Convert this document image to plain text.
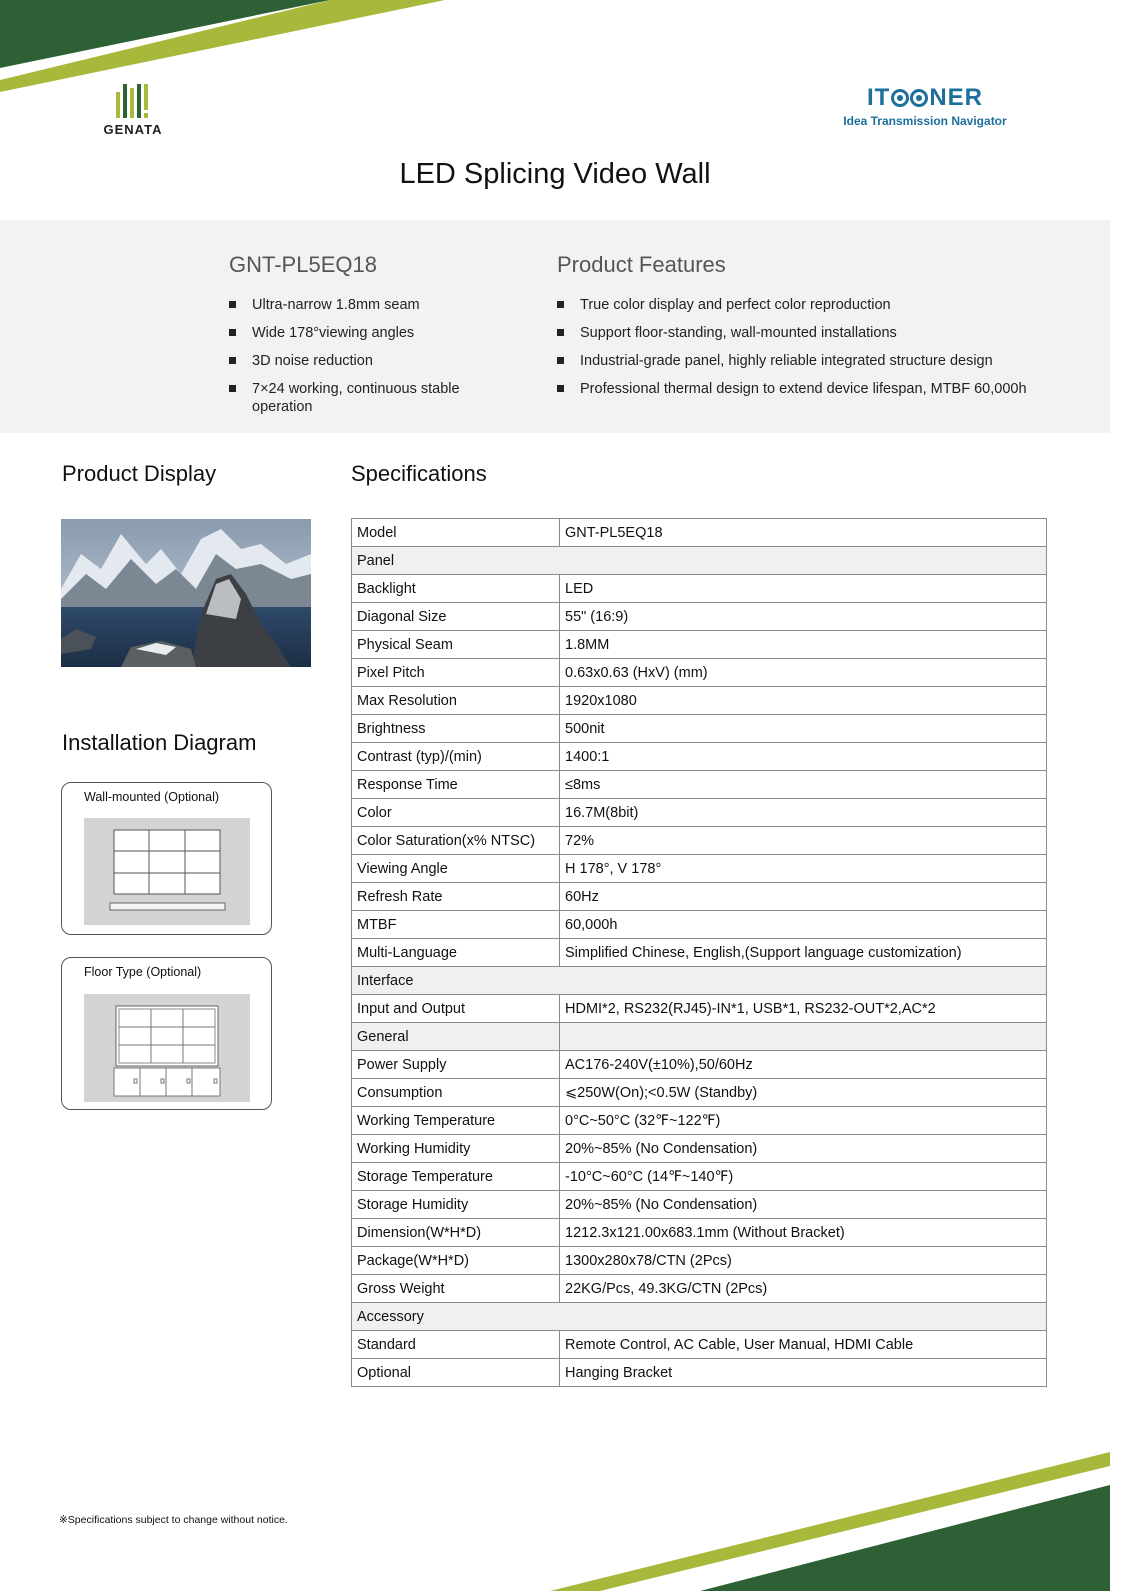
GENATA
IT NER
Idea Transmission Navigator
LED Splicing Video Wall
GNT-PL5EQ18
Ultra-narrow 1.8mm seam
Wide 178°viewing angles
3D noise reduction
7×24 working, continuous stable operation
Product Features
True color display and perfect color reproduction
Support floor-standing, wall-mounted installations
Industrial-grade panel, highly reliable integrated structure design
Professional thermal design to extend device lifespan, MTBF 60,000h
Product Display
Installation Diagram
Wall-mounted (Optional)
Floor Type (Optional)
Specifications
Model	GNT-PL5EQ18
Panel	
Backlight	LED
Diagonal Size	55" (16:9)
Physical Seam	1.8MM
Pixel Pitch	0.63x0.63 (HxV) (mm)
Max Resolution	1920x1080
Brightness	500nit
Contrast (typ)/(min)	1400:1
Response Time	≤8ms
Color	16.7M(8bit)
Color Saturation(x% NTSC)	72%
Viewing Angle	H 178°, V 178°
Refresh Rate	60Hz
MTBF	60,000h
Multi-Language	Simplified Chinese, English,(Support language customization)
Interface	
Input and Output	HDMI*2, RS232(RJ45)-IN*1, USB*1, RS232-OUT*2,AC*2
General	
Power Supply	AC176-240V(±10%),50/60Hz
Consumption	⩽250W(On);<0.5W (Standby)
Working Temperature	0°C~50°C (32℉~122℉)
Working Humidity	20%~85% (No Condensation)
Storage Temperature	-10°C~60°C (14℉~140℉)
Storage Humidity	20%~85% (No Condensation)
Dimension(W*H*D)	1212.3x121.00x683.1mm (Without Bracket)
Package(W*H*D)	1300x280x78/CTN (2Pcs)
Gross Weight	22KG/Pcs, 49.3KG/CTN (2Pcs)
Accessory	
Standard	Remote Control, AC Cable, User Manual, HDMI Cable
Optional	Hanging Bracket
※Specifications subject to change without notice.
